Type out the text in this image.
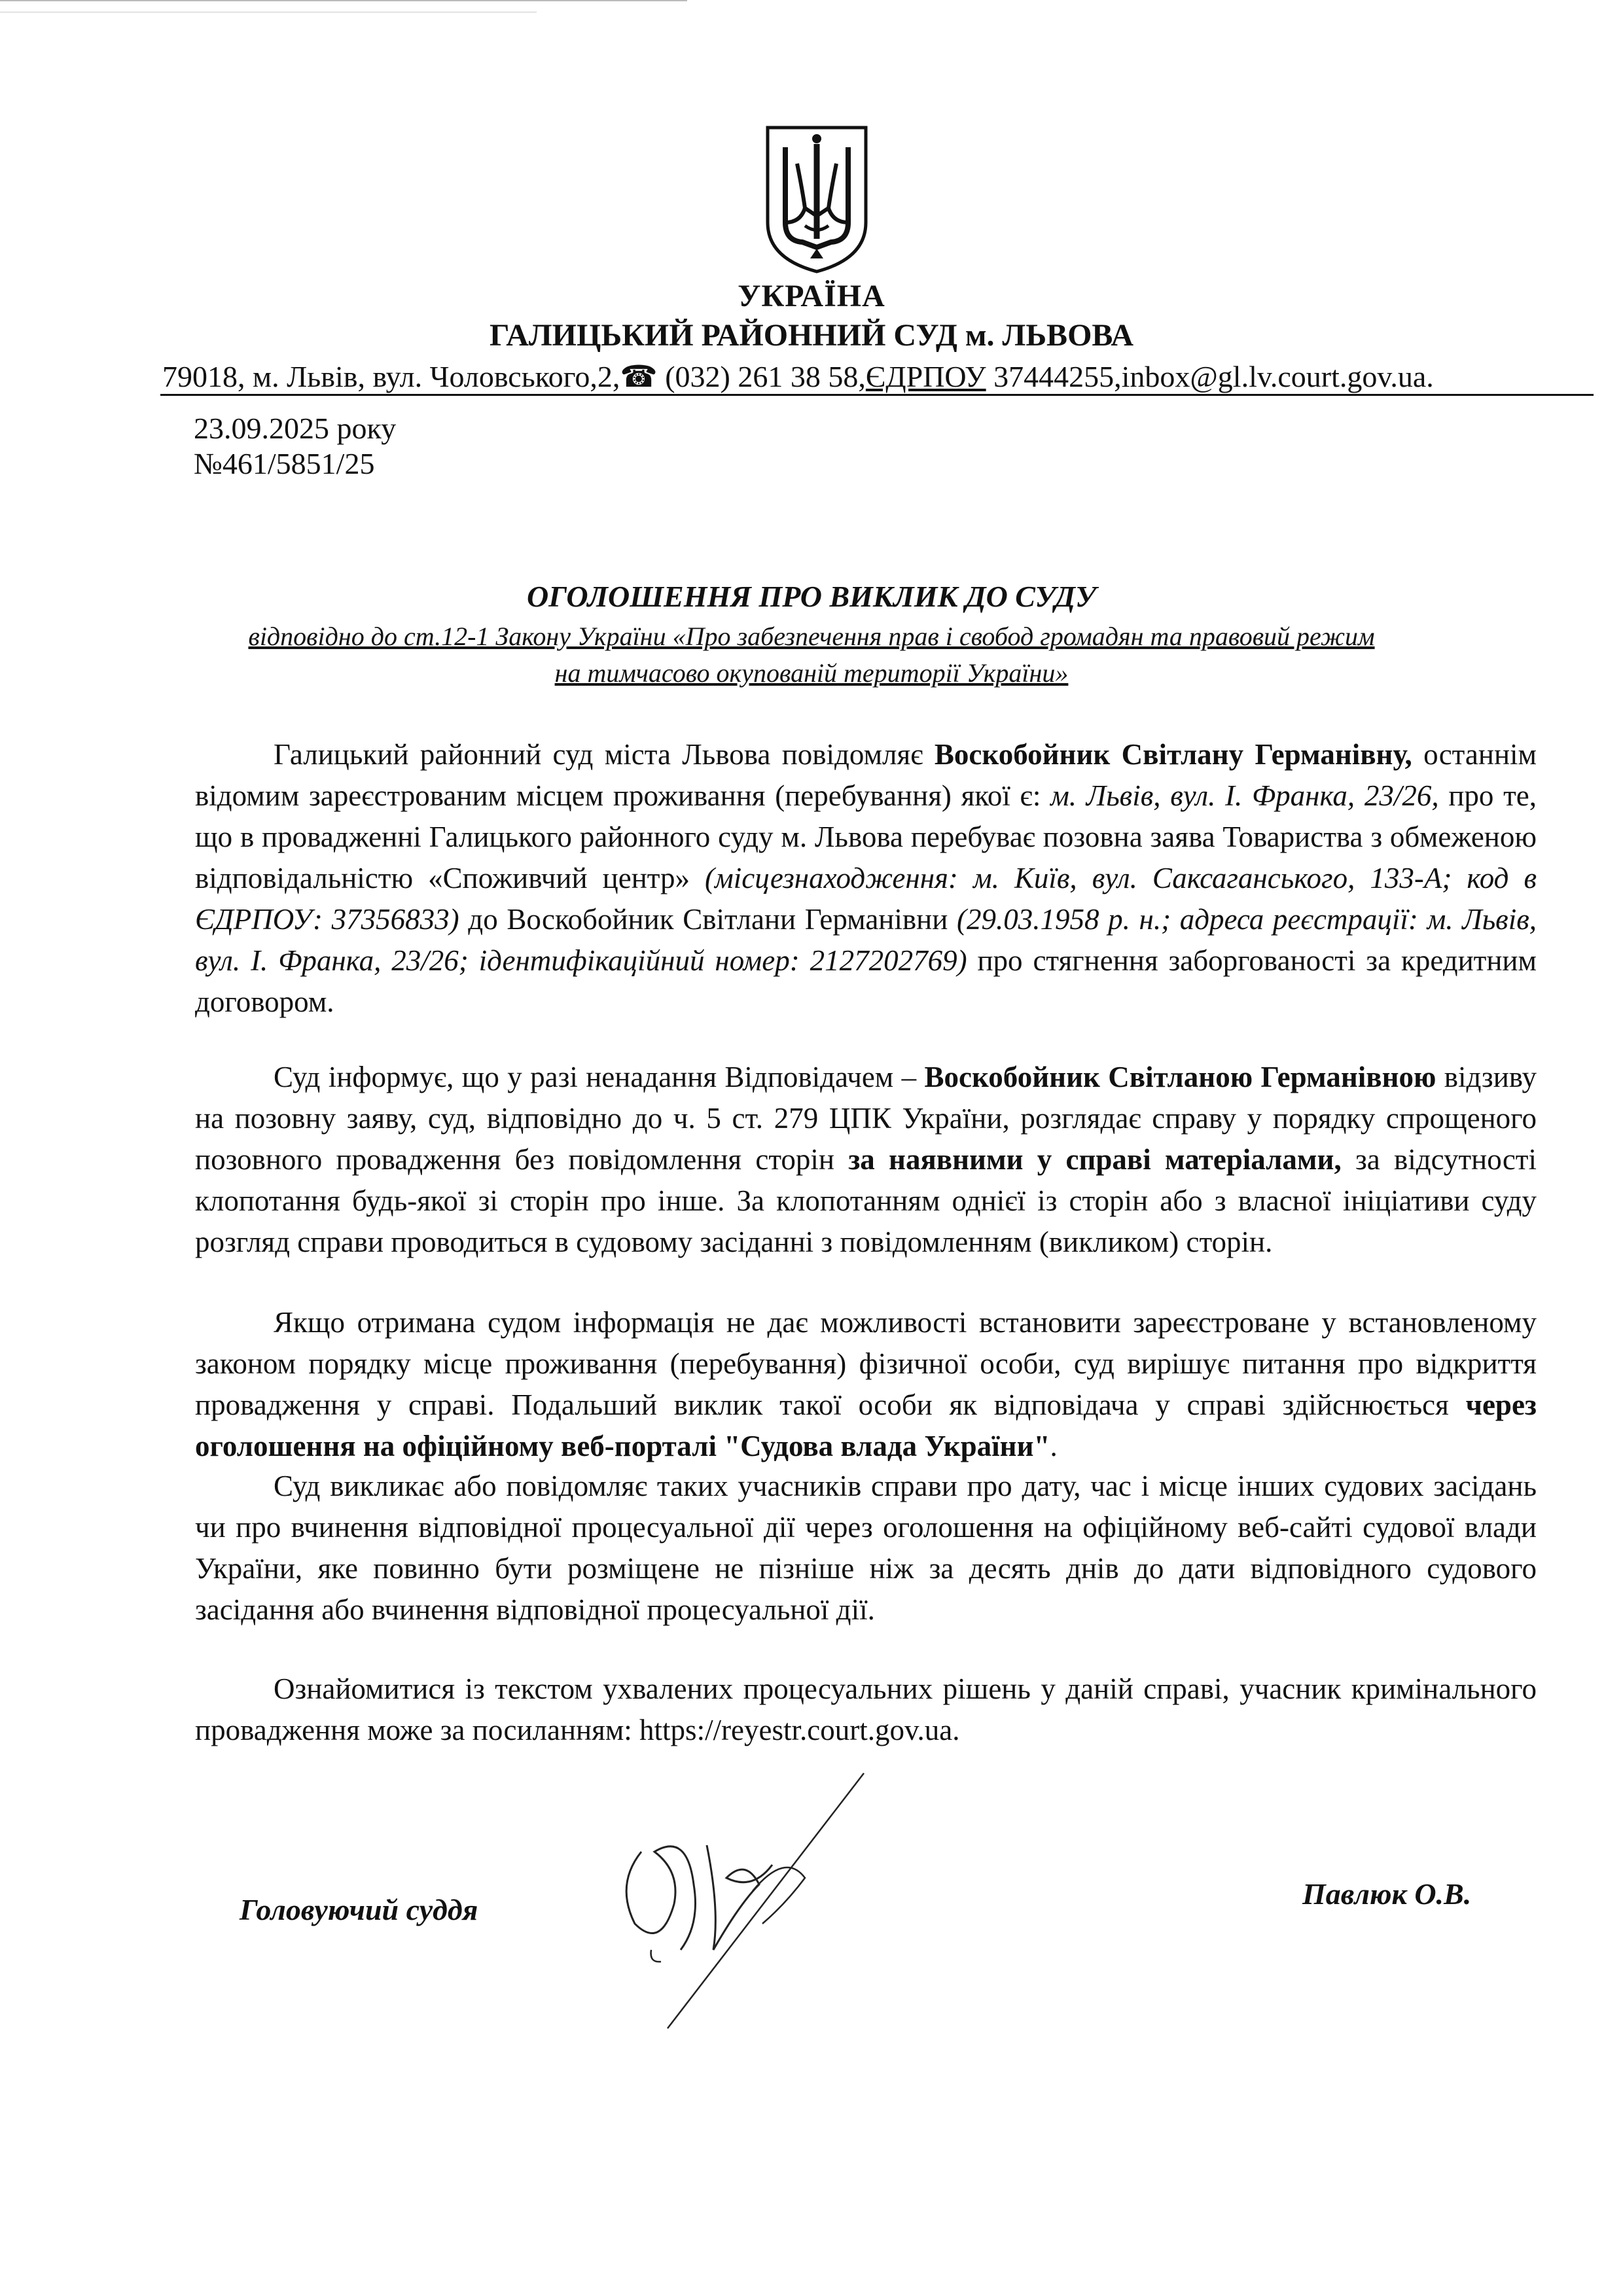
УКРАЇНА
ГАЛИЦЬКИЙ РАЙОННИЙ СУД м. ЛЬВОВА
79018, м. Львів, вул. Чоловського,2,☎ (032) 261 38 58,ЄДРПОУ 37444255,inbox@gl.lv.court.gov.ua.
23.09.2025 року
№461/5851/25
ОГОЛОШЕННЯ ПРО ВИКЛИК ДО СУДУ
відповідно до ст.12-1 Закону України «Про забезпечення прав і свобод громадян та правовий режим
на тимчасово окупованій території України»

Галицький районний суд міста Львова повідомляє Воскобойник Світлану Германівну, останнім відомим зареєстрованим місцем проживання (перебування) якої є: м. Львів, вул. І. Франка, 23/26, про те, що в провадженні Галицького районного суду м. Львова перебуває позовна заява Товариства з обмеженою відповідальністю «Споживчий центр» (місцезнаходження: м. Київ, вул. Саксаганського, 133-А; код в ЄДРПОУ: 37356833) до Воскобойник Світлани Германівни (29.03.1958 р. н.; адреса реєстрації: м. Львів, вул. І. Франка, 23/26; ідентифікаційний номер: 2127202769) про стягнення заборгованості за кредитним договором.

Суд інформує, що у разі ненадання Відповідачем – Воскобойник Світланою Германівною відзиву на позовну заяву, суд, відповідно до ч. 5 ст. 279 ЦПК України, розглядає справу у порядку спрощеного позовного провадження без повідомлення сторін за наявними у справі матеріалами, за відсутності клопотання будь-якої зі сторін про інше. За клопотанням однієї із сторін або з власної ініціативи суду розгляд справи проводиться в судовому засіданні з повідомленням (викликом) сторін.

Якщо отримана судом інформація не дає можливості встановити зареєстроване у встановленому законом порядку місце проживання (перебування) фізичної особи, суд вирішує питання про відкриття провадження у справі. Подальший виклик такої особи як відповідача у справі здійснюється через оголошення на офіційному веб-порталі "Судова влада України".

Суд викликає або повідомляє таких учасників справи про дату, час і місце інших судових засідань чи про вчинення відповідної процесуальної дії через оголошення на офіційному веб-сайті судової влади України, яке повинно бути розміщене не пізніше ніж за десять днів до дати відповідного судового засідання або вчинення відповідної процесуальної дії.

Ознайомитися із текстом ухвалених процесуальних рішень у даній справі, учасник кримінального провадження може за посиланням: https://reyestr.court.gov.ua.

Головуючий суддя	Павлюк О.В.
